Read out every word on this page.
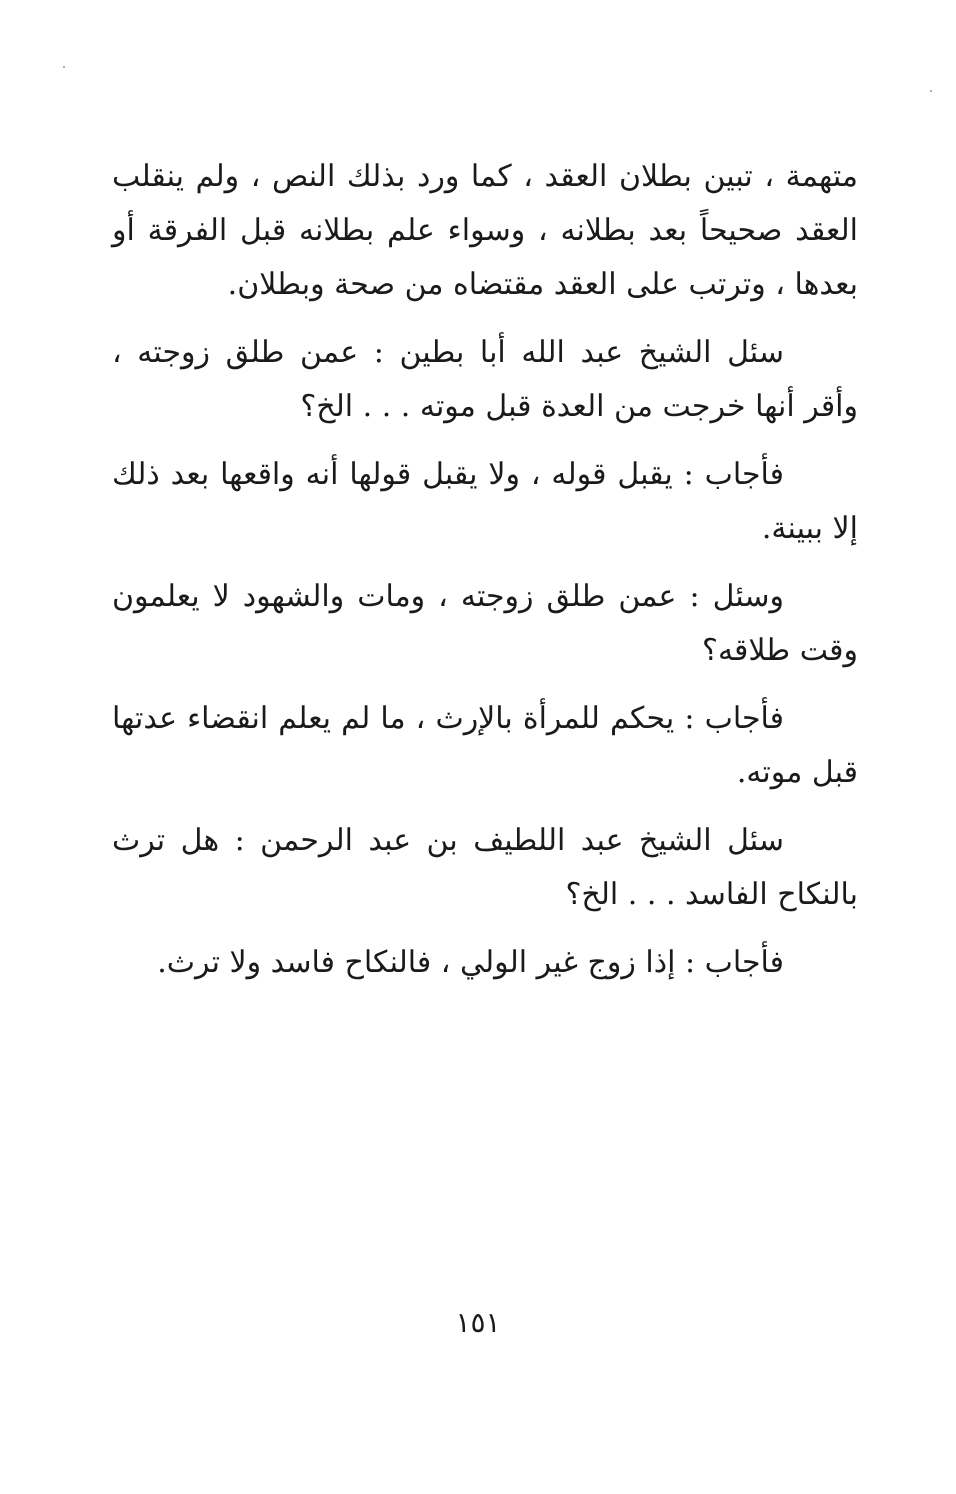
متهمة ، تبين بطلان العقد ، كما ورد بذلك النص ، ولم ينقلب العقد صحيحاً بعد بطلانه ، وسواء علم بطلانه قبل الفرقة أو بعدها ، وترتب على العقد مقتضاه من صحة وبطلان.

سئل الشيخ عبد الله أبا بطين : عمن طلق زوجته ، وأقر أنها خرجت من العدة قبل موته . . . الخ؟

فأجاب : يقبل قوله ، ولا يقبل قولها أنه واقعها بعد ذلك إلا ببينة.

وسئل : عمن طلق زوجته ، ومات والشهود لا يعلمون وقت طلاقه؟

فأجاب : يحكم للمرأة بالإرث ، ما لم يعلم انقضاء عدتها قبل موته.

سئل الشيخ عبد اللطيف بن عبد الرحمن : هل ترث بالنكاح الفاسد . . . الخ؟

فأجاب : إذا زوج غير الولي ، فالنكاح فاسد ولا ترث.

١٥١
